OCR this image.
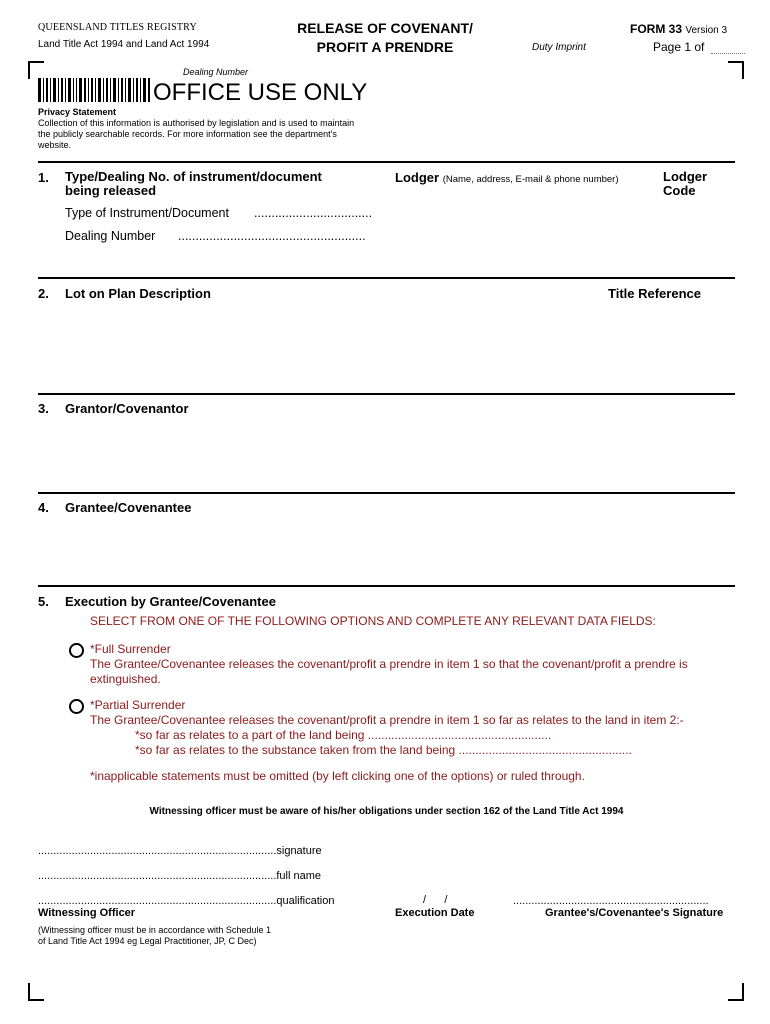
QUEENSLAND TITLES REGISTRY
Land Title Act 1994 and Land Act 1994
RELEASE OF COVENANT/
PROFIT A PRENDRE	Duty Imprint
FORM 33 Version 3
Page 1 of
Dealing Number
OFFICE USE ONLY
Privacy Statement
Collection of this information is authorised by legislation and is used to maintain the publicly searchable records. For more information see the department's website.
1. Type/Dealing No. of instrument/document
being released
Lodger (Name, address, E-mail & phone number)	Lodger
Code
Type of Instrument/Document ..................................
Dealing Number ......................................................
2. Lot on Plan Description	Title Reference
3. Grantor/Covenantor
4. Grantee/Covenantee
5. Execution by Grantee/Covenantee
SELECT FROM ONE OF THE FOLLOWING OPTIONS AND COMPLETE ANY RELEVANT DATA FIELDS:
*Full Surrender
The Grantee/Covenantee releases the covenant/profit a prendre in item 1 so that the covenant/profit a prendre is extinguished.
*Partial Surrender
The Grantee/Covenantee releases the covenant/profit a prendre in item 1 so far as relates to the land in item 2:-
*so far as relates to a part of the land being .......................................................
*so far as relates to the substance taken from the land being ....................................................
*inapplicable statements must be omitted (by left clicking one of the options) or ruled through.
Witnessing officer must be aware of his/her obligations under section 162 of the Land Title Act 1994
..............................................................................signature
..............................................................................full name
..............................................................................qualification	/      /	................................................................
Witnessing Officer	Execution Date	Grantee's/Covenantee's Signature
(Witnessing officer must be in accordance with Schedule 1
of Land Title Act 1994 eg Legal Practitioner, JP, C Dec)
